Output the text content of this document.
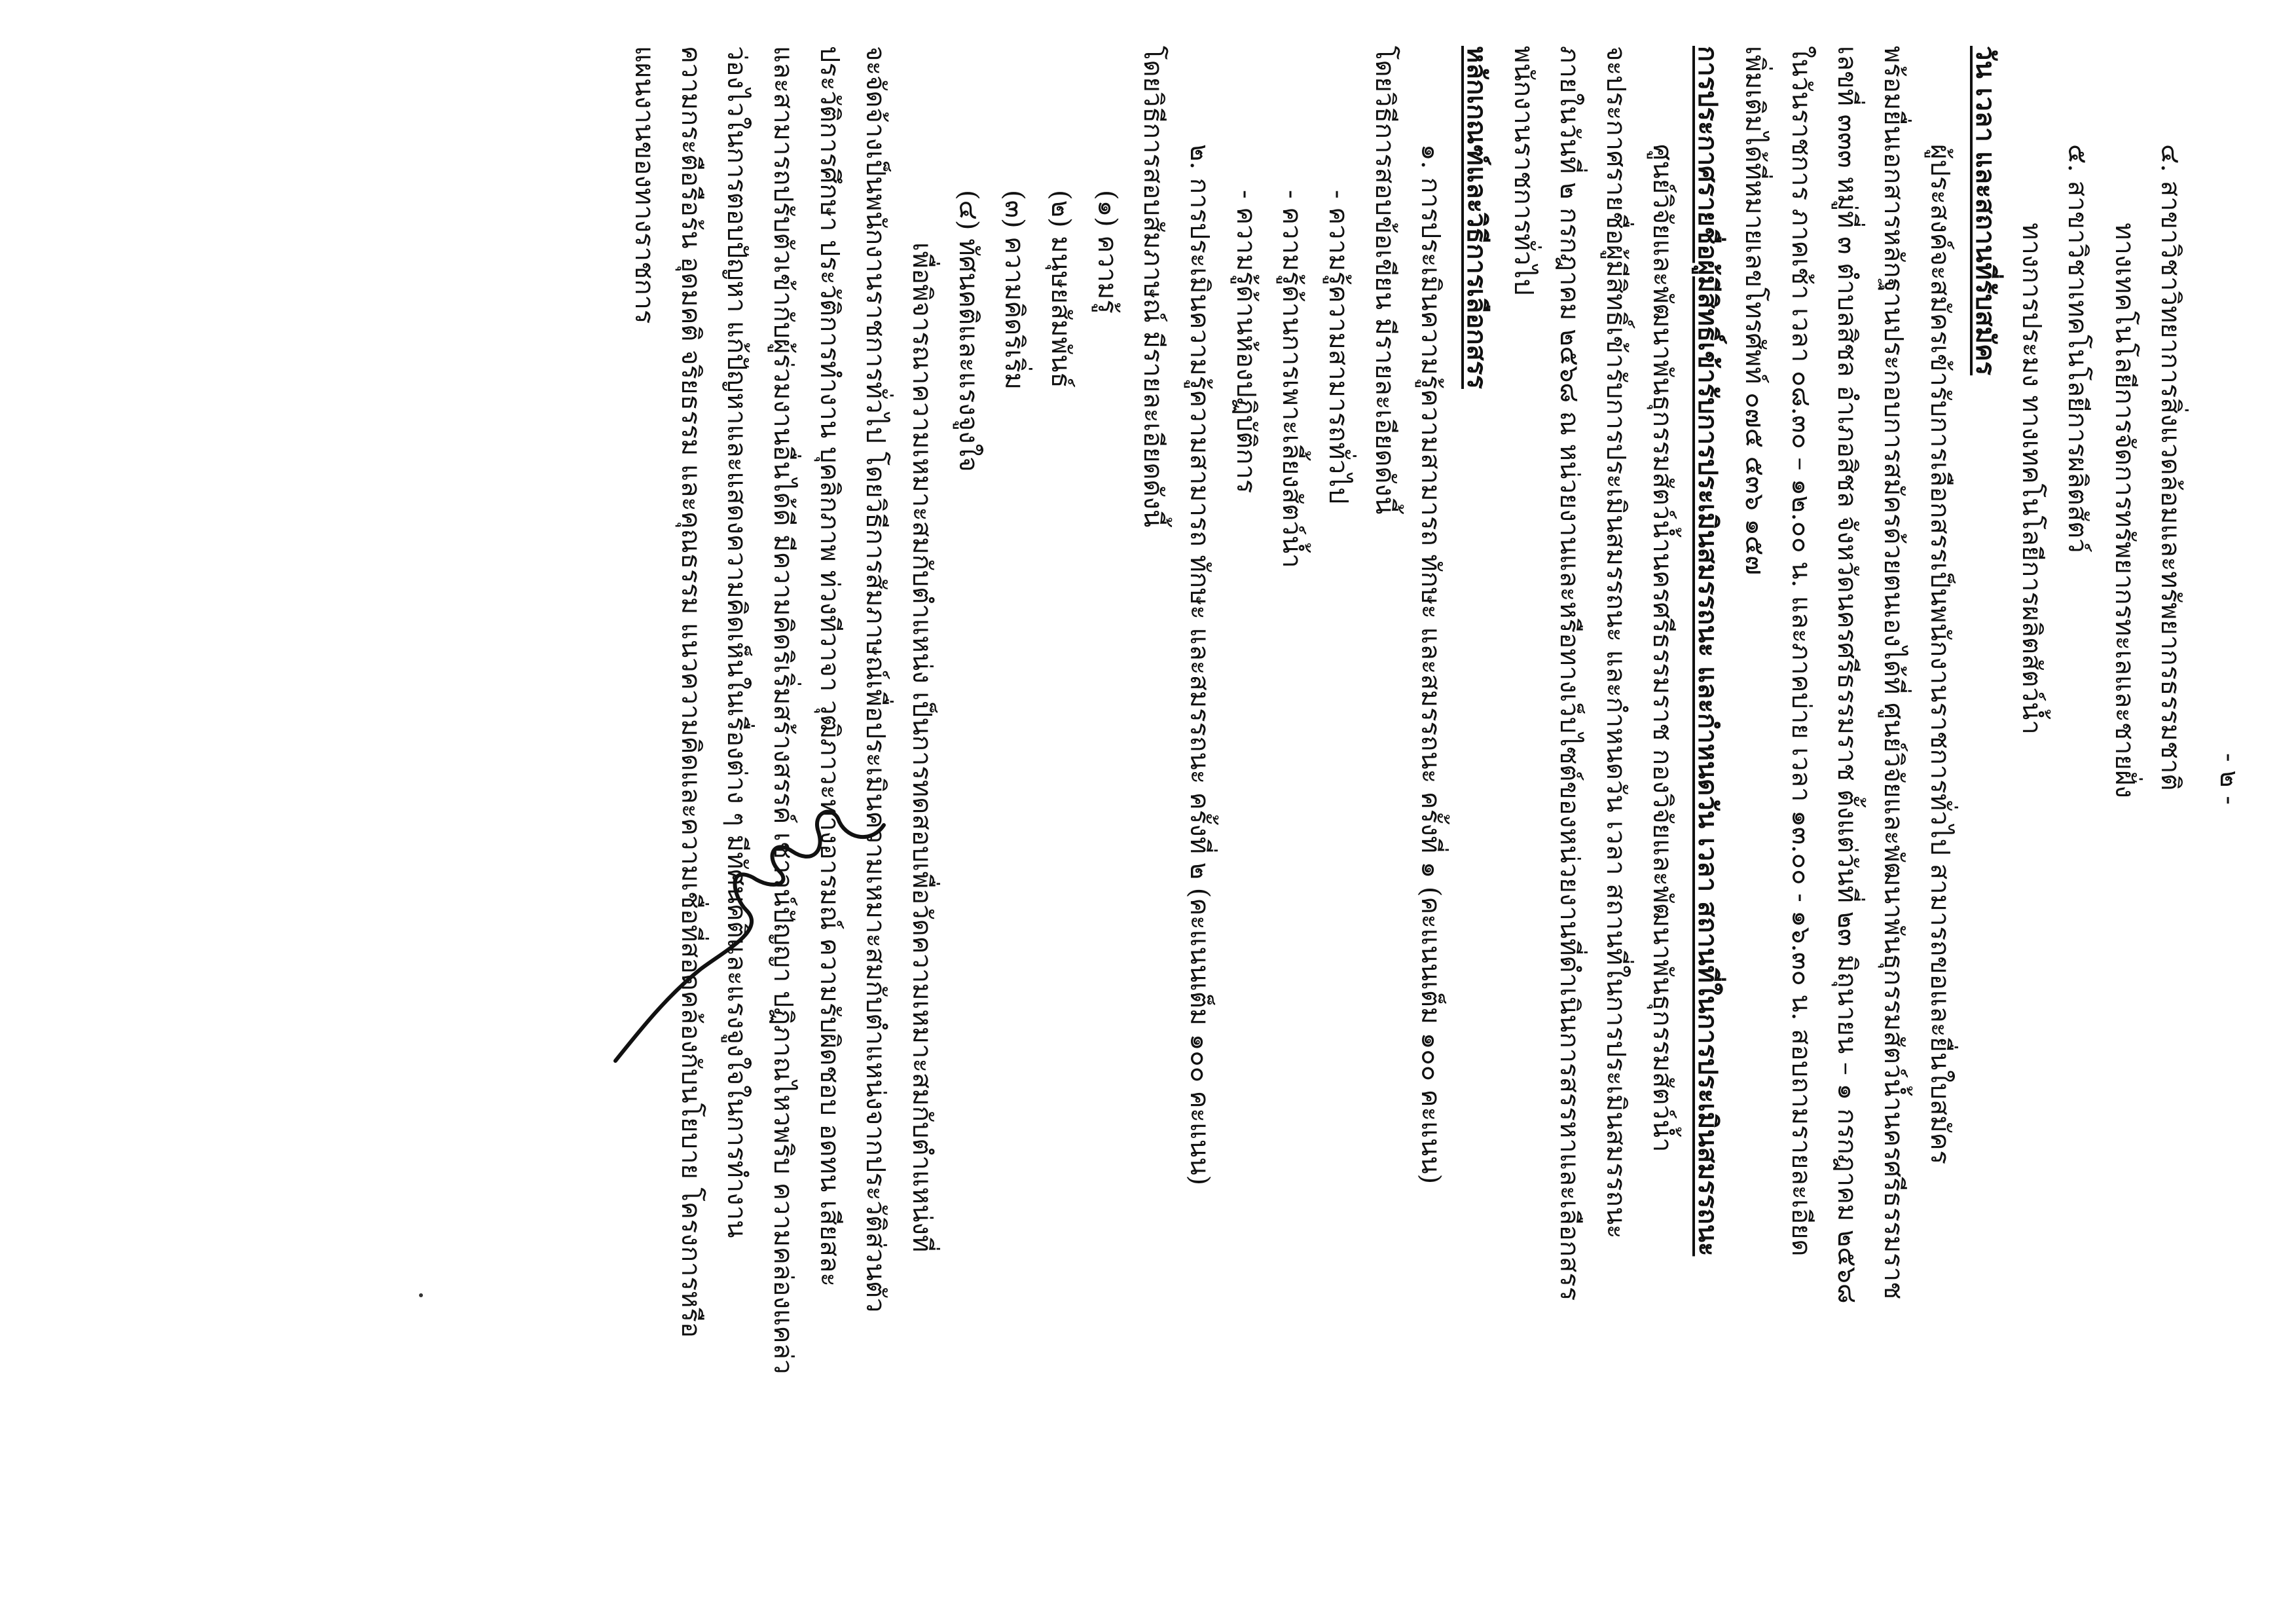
- ๒ -
๔. สาขาวิชาวิทยาการสิ่งแวดล้อมและทรัพยากรธรรมชาติ
ทางเทคโนโลยีการจัดการทรัพยากรทะเลและชายฝั่ง
๕. สาขาวิชาเทคโนโลยีการผลิตสัตว์
ทางการประมง ทางเทคโนโลยีการผลิตสัตว์น้ำ
วัน เวลา และสถานที่รับสมัคร
ผู้ประสงค์จะสมัครเข้ารับการเลือกสรรเป็นพนักงานราชการทั่วไป สามารถขอและยื่นใบสมัคร
พร้อมยื่นเอกสารหลักฐานประกอบการสมัครด้วยตนเองได้ที่ ศูนย์วิจัยและพัฒนาพันธุกรรมสัตว์น้ำนครศรีธรรมราช
เลขที่ ๓๓๓ หมู่ที่ ๓ ตำบลสิชล อำเภอสิชล จังหวัดนครศรีธรรมราช ตั้งแต่วันที่ ๒๓ มิถุนายน – ๑ กรกฎาคม ๒๕๖๘
ในวันราชการ ภาคเช้า เวลา ๐๘.๓๐ – ๑๒.๐๐ น. และภาคบ่าย เวลา ๑๓.๐๐ - ๑๖.๓๐ น. สอบถามรายละเอียด
เพิ่มเติมได้ที่หมายเลขโทรศัพท์ ๐๗๕ ๕๓๖ ๑๕๗
การประกาศรายชื่อผู้มีสิทธิ์เข้ารับการประเมินสมรรถนะ และกำหนดวัน เวลา สถานที่ในการประเมินสมรรถนะ
ศูนย์วิจัยและพัฒนาพันธุกรรมสัตว์น้ำนครศรีธรรมราช กองวิจัยและพัฒนาพันธุกรรมสัตว์น้ำ
จะประกาศรายชื่อผู้มีสิทธิ์เข้ารับการประเมินสมรรถนะ และกำหนดวัน เวลา สถานที่ในการประเมินสมรรถนะ
ภายในวันที่ ๒ กรกฎาคม ๒๕๖๘ ณ หน่วยงานและหรือทางเว็บไซต์ของหน่วยงานที่ดำเนินการสรรหาและเลือกสรร
พนักงานราชการทั่วไป
หลักเกณฑ์และวิธีการเลือกสรร
๑. การประเมินความรู้ความสามารถ ทักษะ และสมรรถนะ ครั้งที่ ๑ (คะแนนเต็ม ๑๐๐ คะแนน)
โดยวิธีการสอบข้อเขียน มีรายละเอียดดังนี้
- ความรู้ความสามารถทั่วไป
- ความรู้ด้านการเพาะเลี้ยงสัตว์น้ำ
- ความรู้ด้านห้องปฏิบัติการ
๒. การประเมินความรู้ความสามารถ ทักษะ และสมรรถนะ ครั้งที่ ๒ (คะแนนเต็ม ๑๐๐ คะแนน)
โดยวิธีการสอบสัมภาษณ์ มีรายละเอียดดังนี้
(๑) ความรู้
(๒) มนุษยสัมพันธ์
(๓) ความคิดริเริ่ม
(๔) ทัศนคติและแรงจูงใจ
เพื่อพิจารณาความเหมาะสมกับตำแหน่ง เป็นการทดสอบเพื่อวัดความเหมาะสมกับตำแหน่งที่
จะจัดจ้างเป็นพนักงานราชการทั่วไป โดยวิธีการสัมภาษณ์เพื่อประเมินความเหมาะสมกับตำแหน่งจากประวัติส่วนตัว
ประวัติการศึกษา ประวัติการทำงาน บุคลิกภาพ ท่วงทีวาจา วุฒิภาวะทางอารมณ์ ความรับผิดชอบ อดทน เสียสละ
และสามารถปรับตัวเข้ากับผู้ร่วมงานอื่นได้ดี มีความคิดริเริ่มสร้างสรรค์ เชาวน์ปัญญา ปฏิภาณไหวพริบ ความคล่องแคล่ว
ว่องไวในการตอบปัญหา แก้ปัญหาและแสดงความคิดเห็นในเรื่องต่าง ๆ มีทัศนคติและแรงจูงใจในการทำงาน
ความกระตือรือร้น อุดมคติ จริยธรรม และคุณธรรม แนวความคิดและความเชื่อที่สอดคล้องกับนโยบาย โครงการหรือ
แผนงานของทางราชการ
